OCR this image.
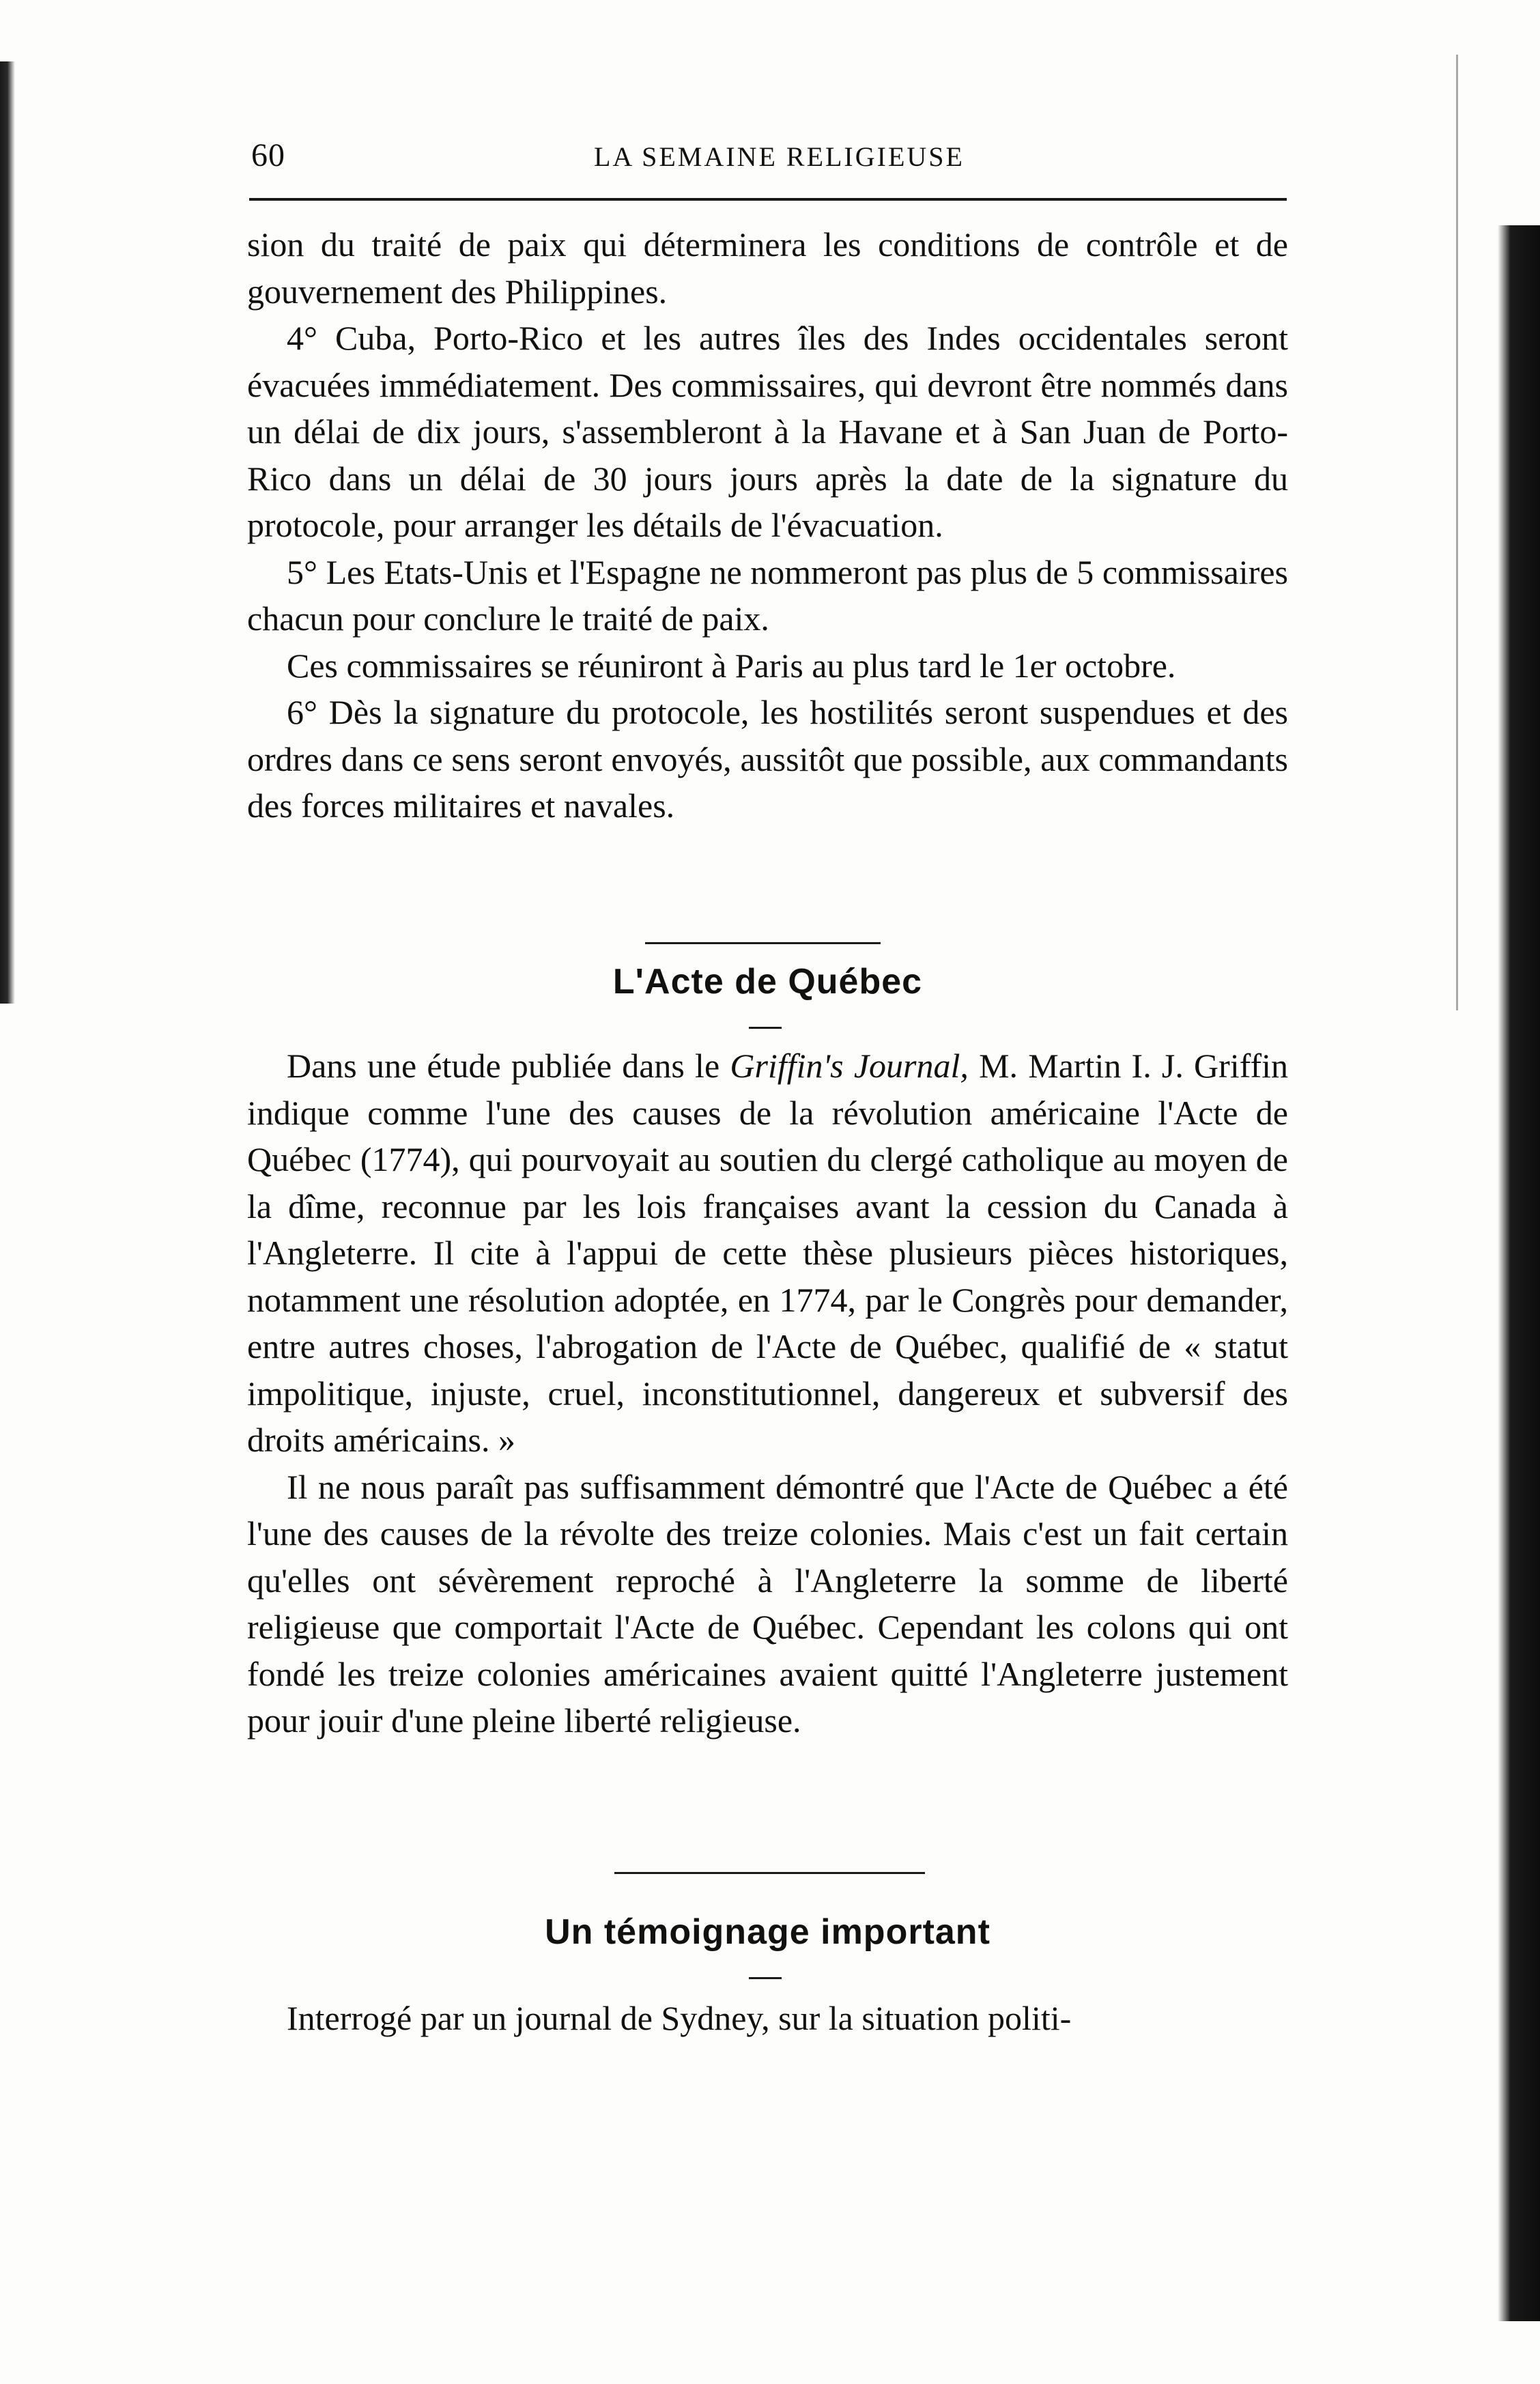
60	LA SEMAINE RELIGIEUSE

sion du traité de paix qui déterminera les conditions de contrôle et de gouvernement des Philippines.

4° Cuba, Porto-Rico et les autres îles des Indes occidentales seront évacuées immédiatement. Des commissaires, qui devront être nommés dans un délai de dix jours, s'assembleront à la Havane et à San Juan de Porto-Rico dans un délai de 30 jours jours après la date de la signature du protocole, pour arranger les détails de l'évacuation.

5° Les Etats-Unis et l'Espagne ne nommeront pas plus de 5 commissaires chacun pour conclure le traité de paix.

Ces commissaires se réuniront à Paris au plus tard le 1er octobre.

6° Dès la signature du protocole, les hostilités seront suspendues et des ordres dans ce sens seront envoyés, aussitôt que possible, aux commandants des forces militaires et navales.

L'Acte de Québec

Dans une étude publiée dans le Griffin's Journal, M. Martin I. J. Griffin indique comme l'une des causes de la révolution américaine l'Acte de Québec (1774), qui pourvoyait au soutien du clergé catholique au moyen de la dîme, reconnue par les lois françaises avant la cession du Canada à l'Angleterre. Il cite à l'appui de cette thèse plusieurs pièces historiques, notamment une résolution adoptée, en 1774, par le Congrès pour demander, entre autres choses, l'abrogation de l'Acte de Québec, qualifié de « statut impolitique, injuste, cruel, inconstitutionnel, dangereux et subversif des droits américains. »

Il ne nous paraît pas suffisamment démontré que l'Acte de Québec a été l'une des causes de la révolte des treize colonies. Mais c'est un fait certain qu'elles ont sévèrement reproché à l'Angleterre la somme de liberté religieuse que comportait l'Acte de Québec. Cependant les colons qui ont fondé les treize colonies américaines avaient quitté l'Angleterre justement pour jouir d'une pleine liberté religieuse.

Un témoignage important

Interrogé par un journal de Sydney, sur la situation politi-
